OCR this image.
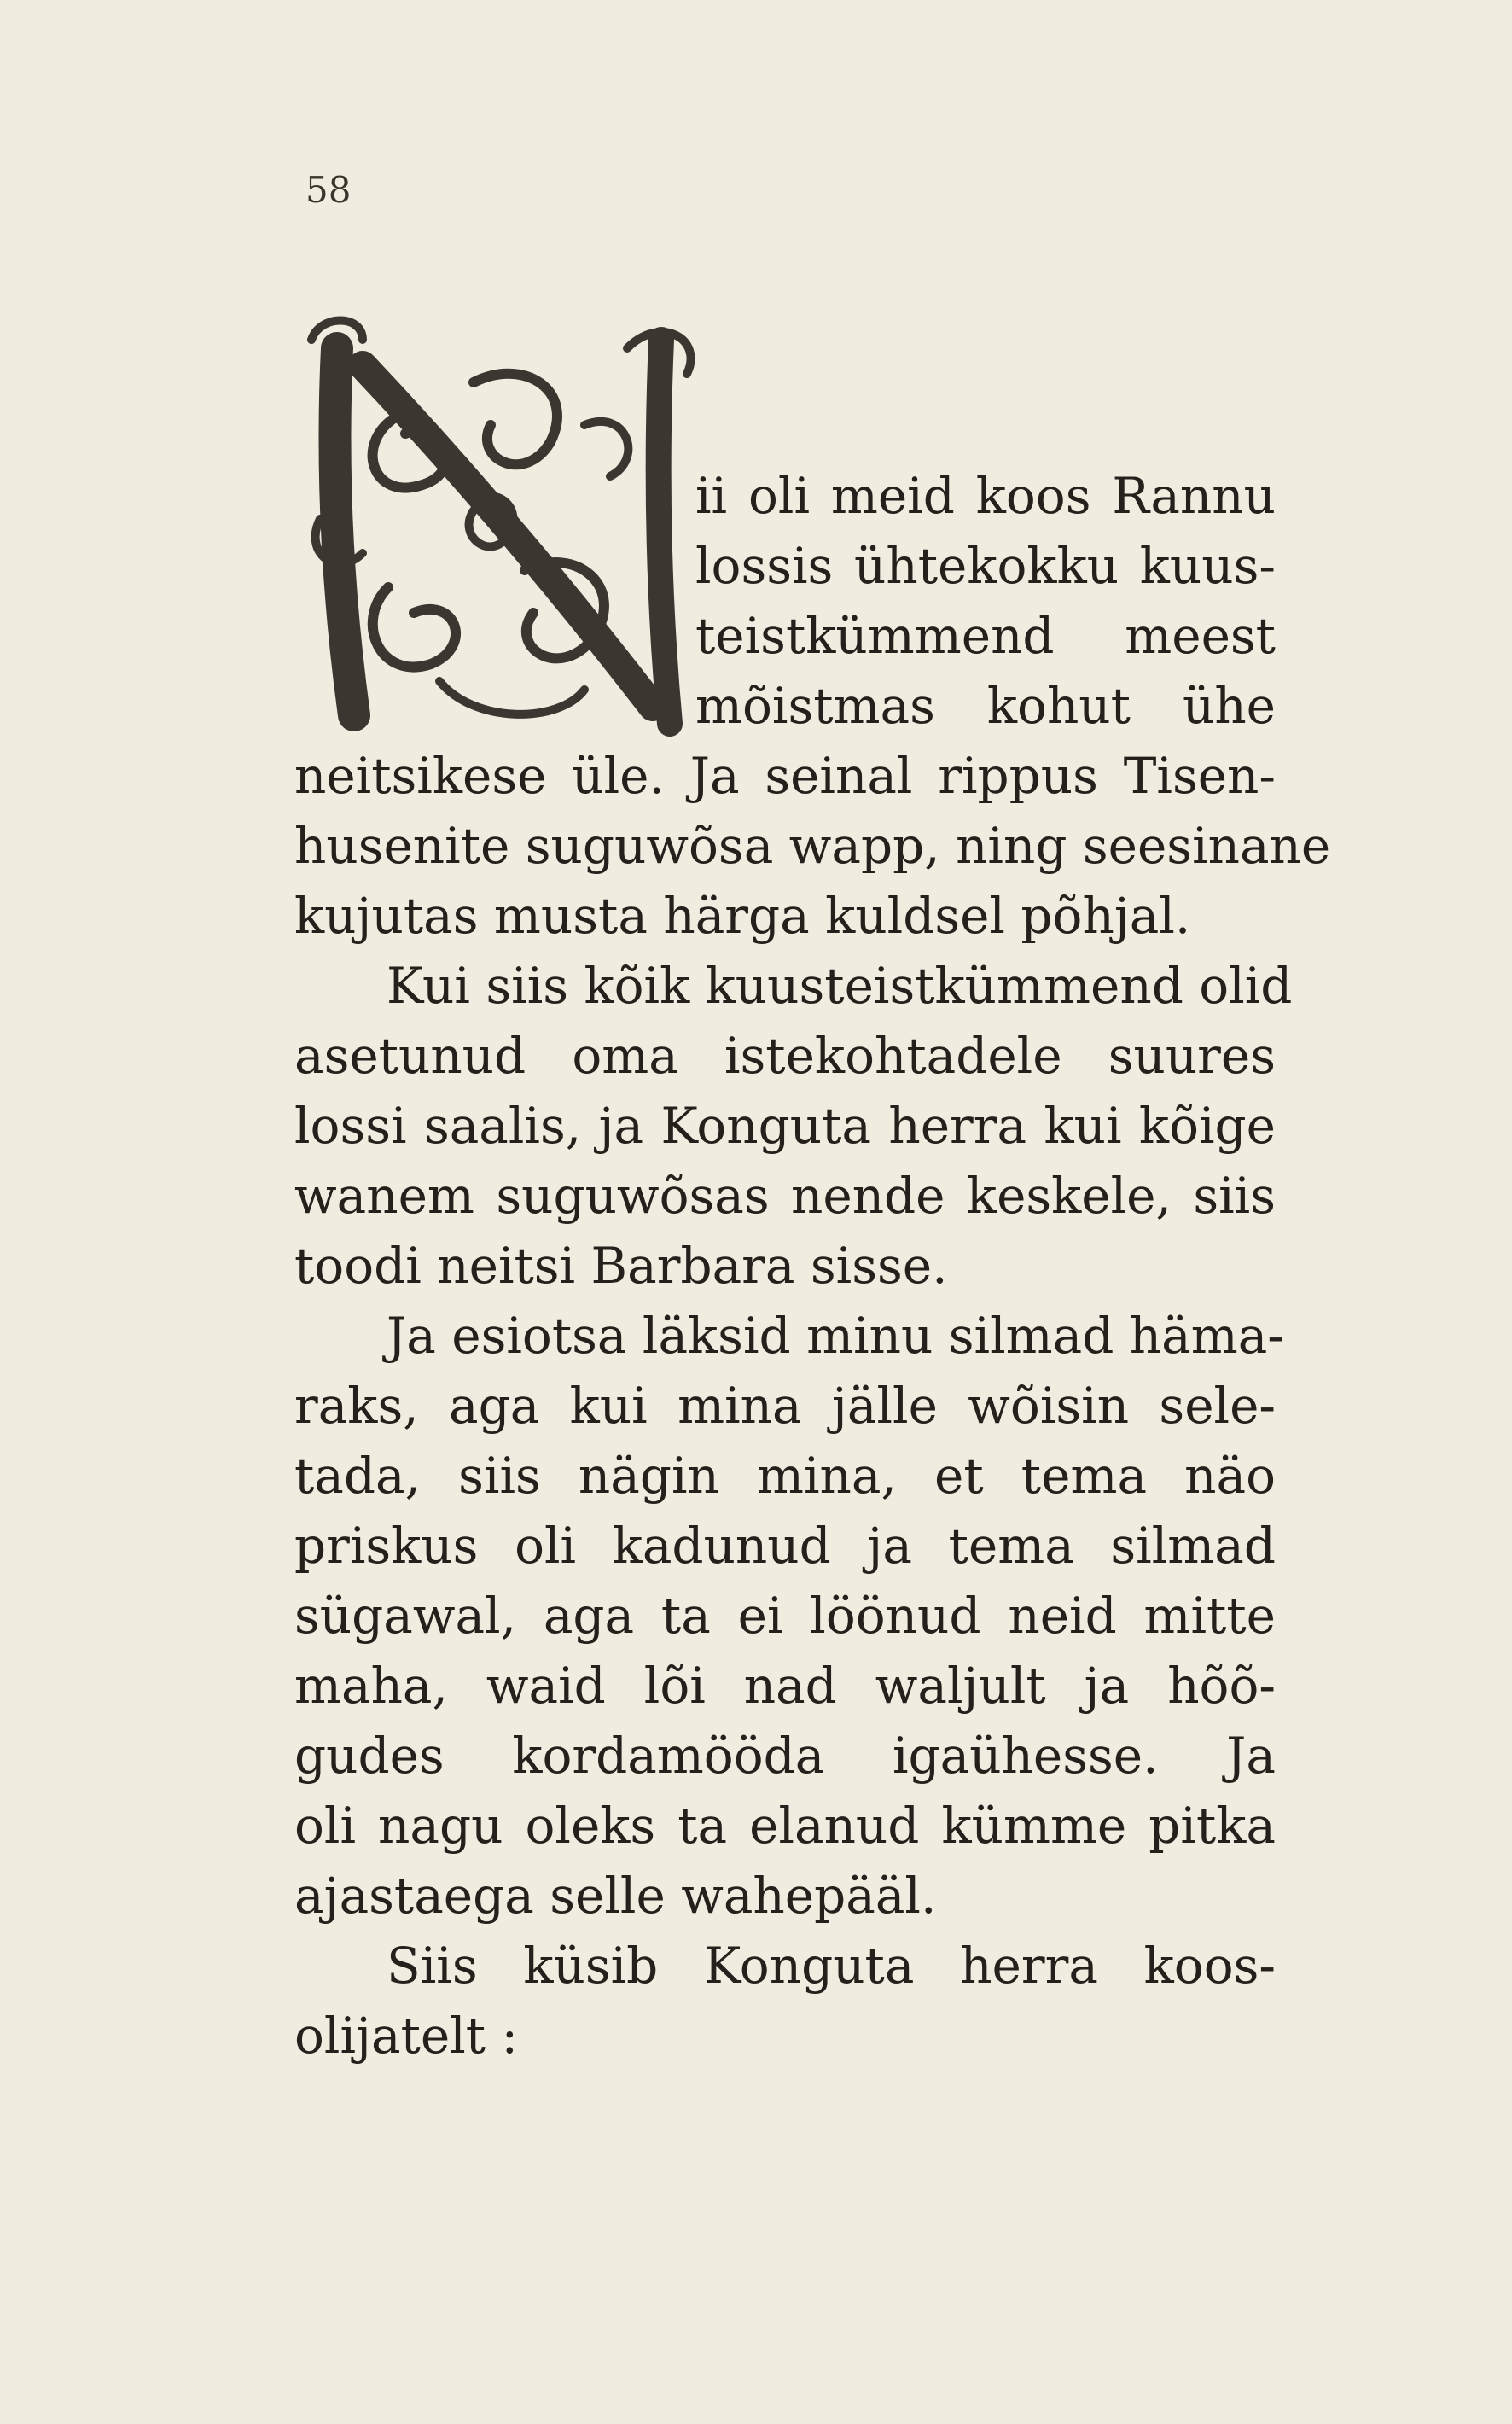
58
N
ii oli meid koos Rannu
lossis ühtekokku kuus-
teistkümmend meest
mõistmas kohut ühe
neitsikese üle. Ja seinal rippus Tisen-
husenite suguwõsa wapp, ning seesinane
kujutas musta härga kuldsel põhjal.
Kui siis kõik kuusteistkümmend olid
asetunud oma istekohtadele suures
lossi saalis, ja Konguta herra kui kõige
wanem suguwõsas nende keskele, siis
toodi neitsi Barbara sisse.
Ja esiotsa läksid minu silmad häma-
raks, aga kui mina jälle wõisin sele-
tada, siis nägin mina, et tema näo
priskus oli kadunud ja tema silmad
sügawal, aga ta ei löönud neid mitte
maha, waid lõi nad waljult ja hõõ-
gudes kordamööda igaühesse. Ja
oli nagu oleks ta elanud kümme pitka
ajastaega selle wahepääl.
Siis küsib Konguta herra koos-
olijatelt :
